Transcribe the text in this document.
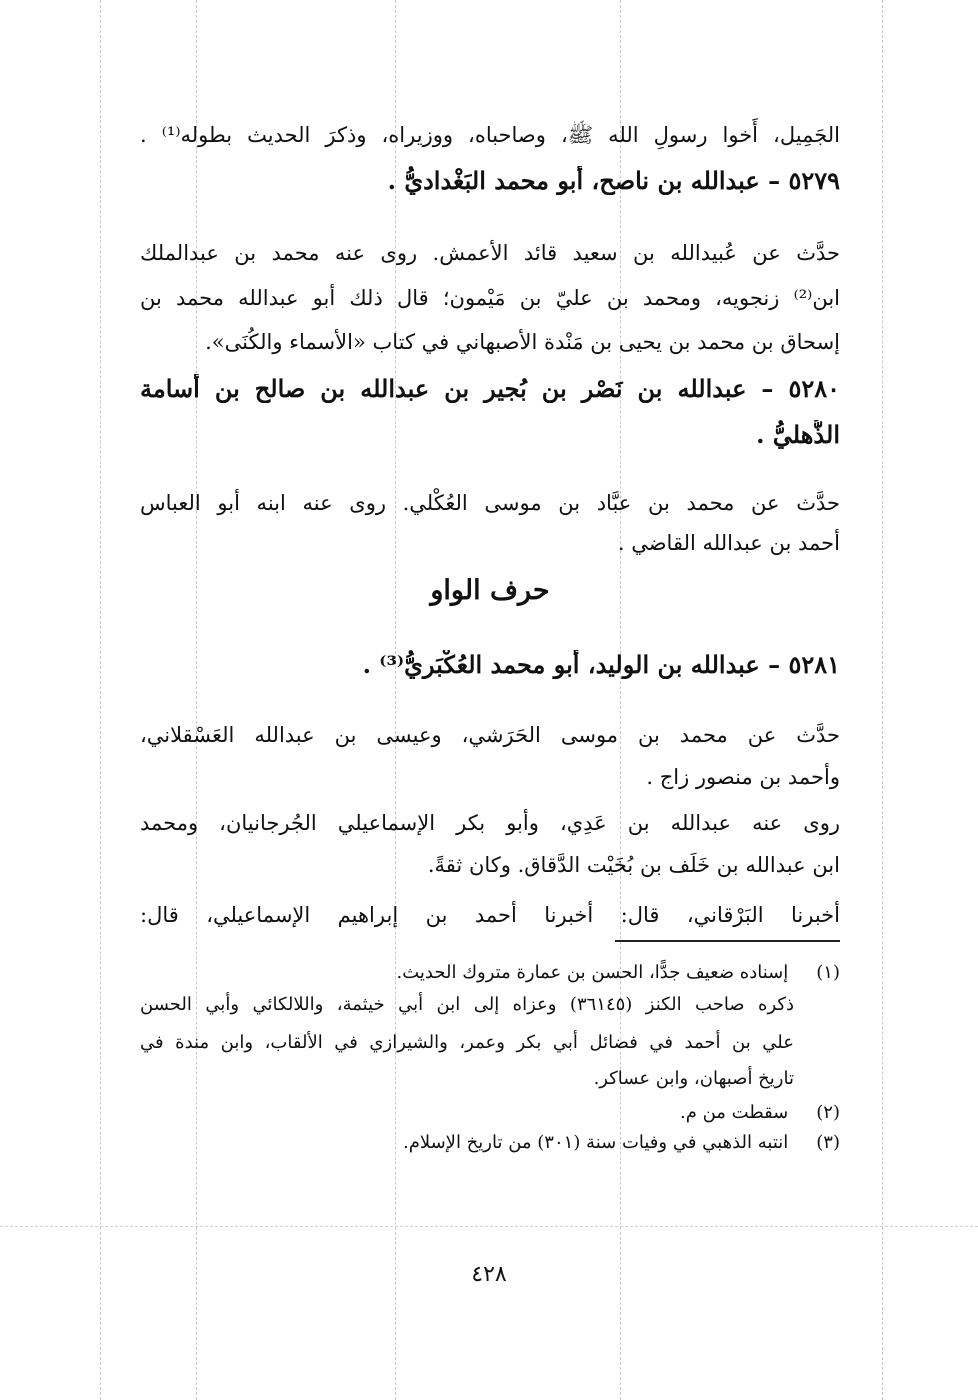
الجَمِيل، أَخوا رسولِ الله ﷺ، وصاحباه، ووزيراه، وذكرَ الحديث بطوله⁽¹⁾ .
٥٢٧٩ – عبدالله بن ناصح، أبو محمد البَغْداديُّ .
حدَّث عن عُبيدالله بن سعيد قائد الأعمش. روى عنه محمد بن عبدالملك
ابن⁽²⁾ زنجويه، ومحمد بن عليّ بن مَيْمون؛ قال ذلك أبو عبدالله محمد بن
إسحاق بن محمد بن يحيى بن مَنْدة الأصبهاني في كتاب «الأسماء والكُنَى».
٥٢٨٠ – عبدالله بن نَصْر بن بُجير بن عبدالله بن صالح بن أُسامة
الذُّهليُّ .
حدَّث عن محمد بن عبَّاد بن موسى العُكْلي. روى عنه ابنه أبو العباس
أحمد بن عبدالله القاضي .
حرف الواو
٥٢٨١ – عبدالله بن الوليد، أبو محمد العُكْبَريُّ⁽³⁾ .
حدَّث عن محمد بن موسى الحَرَشي، وعيسى بن عبدالله العَسْقلاني،
وأحمد بن منصور زاج .
روى عنه عبدالله بن عَدِي، وأبو بكر الإسماعيلي الجُرجانيان، ومحمد
ابن عبدالله بن خَلَف بن بُخَيْت الدَّقاق. وكان ثقةً.
أخبرنا البَرْقاني، قال: أخبرنا أحمد بن إبراهيم الإسماعيلي، قال:
(١) إسناده ضعيف جدًّا، الحسن بن عمارة متروك الحديث.
ذكره صاحب الكنز (٣٦١٤٥) وعزاه إلى ابن أبي خيثمة، واللالكائي وأبي الحسن
علي بن أحمد في فضائل أبي بكر وعمر، والشيرازي في الألقاب، وابن مندة في
تاريخ أصبهان، وابن عساكر.
(٢) سقطت من م.
(٣) انتبه الذهبي في وفيات سنة (٣٠١) من تاريخ الإسلام.
٤٢٨
